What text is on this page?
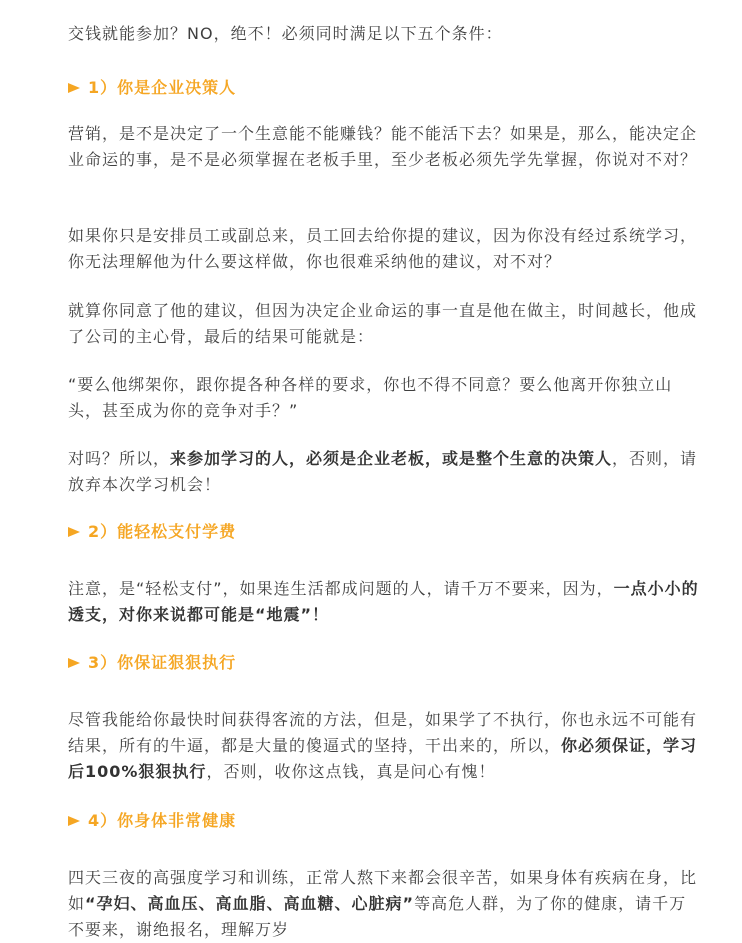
交钱就能参加？NO，绝不！必须同时满足以下五个条件：

1）你是企业决策人

营销，是不是决定了一个生意能不能赚钱？能不能活下去？如果是，那么，能决定企业命运的事，是不是必须掌握在老板手里，至少老板必须先学先掌握，你说对不对？

如果你只是安排员工或副总来，员工回去给你提的建议，因为你没有经过系统学习，你无法理解他为什么要这样做，你也很难采纳他的建议，对不对？

就算你同意了他的建议，但因为决定企业命运的事一直是他在做主，时间越长，他成了公司的主心骨，最后的结果可能就是：

“要么他绑架你，跟你提各种各样的要求，你也不得不同意？要么他离开你独立山头，甚至成为你的竞争对手？”

对吗？所以，来参加学习的人，必须是企业老板，或是整个生意的决策人，否则，请放弃本次学习机会！

2）能轻松支付学费

注意，是“轻松支付”，如果连生活都成问题的人，请千万不要来，因为，一点小小的透支，对你来说都可能是“地震”！

3）你保证狠狠执行

尽管我能给你最快时间获得客流的方法，但是，如果学了不执行，你也永远不可能有结果，所有的牛逼，都是大量的傻逼式的坚持，干出来的，所以，你必须保证，学习后100%狠狠执行，否则，收你这点钱，真是问心有愧！

4）你身体非常健康

四天三夜的高强度学习和训练，正常人熬下来都会很辛苦，如果身体有疾病在身，比如“孕妇、高血压、高血脂、高血糖、心脏病”等高危人群，为了你的健康，请千万不要来，谢绝报名，理解万岁
